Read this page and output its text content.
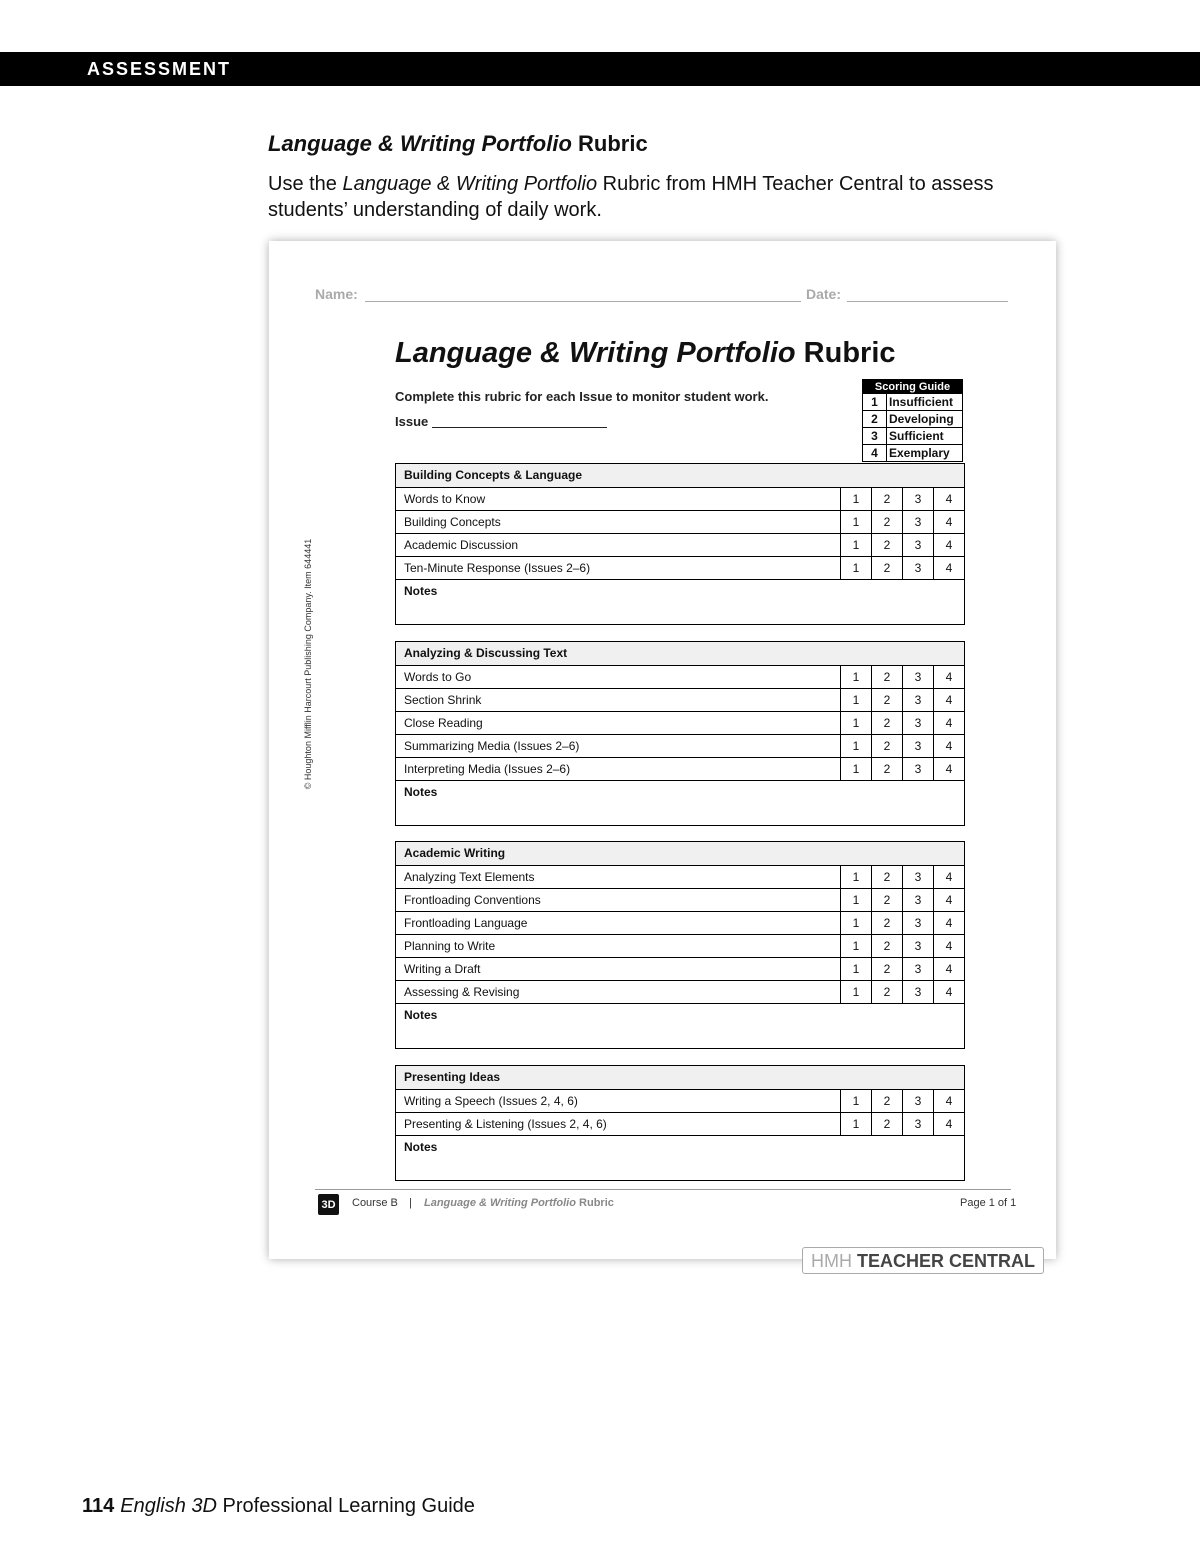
ASSESSMENT
Language & Writing Portfolio Rubric
Use the Language & Writing Portfolio Rubric from HMH Teacher Central to assess students’ understanding of daily work.
Name:	Date:
Language & Writing Portfolio Rubric
Complete this rubric for each Issue to monitor student work.
Issue
Scoring Guide	
1	Insufficient
2	Developing
3	Sufficient
4	Exemplary
Building Concepts & Language
Words to Know	1	2	3	4
Building Concepts	1	2	3	4
Academic Discussion	1	2	3	4
Ten-Minute Response (Issues 2–6)	1	2	3	4
Notes
Analyzing & Discussing Text
Words to Go	1	2	3	4
Section Shrink	1	2	3	4
Close Reading	1	2	3	4
Summarizing Media (Issues 2–6)	1	2	3	4
Interpreting Media (Issues 2–6)	1	2	3	4
Notes
Academic Writing
Analyzing Text Elements	1	2	3	4
Frontloading Conventions	1	2	3	4
Frontloading Language	1	2	3	4
Planning to Write	1	2	3	4
Writing a Draft	1	2	3	4
Assessing & Revising	1	2	3	4
Notes
Presenting Ideas
Writing a Speech (Issues 2, 4, 6)	1	2	3	4
Presenting & Listening (Issues 2, 4, 6)	1	2	3	4
Notes
© Houghton Mifflin Harcourt Publishing Company. Item 644441
3D	Course B | Language & Writing Portfolio Rubric	Page 1 of 1
HMH TEACHER CENTRAL
114 English 3D Professional Learning Guide
